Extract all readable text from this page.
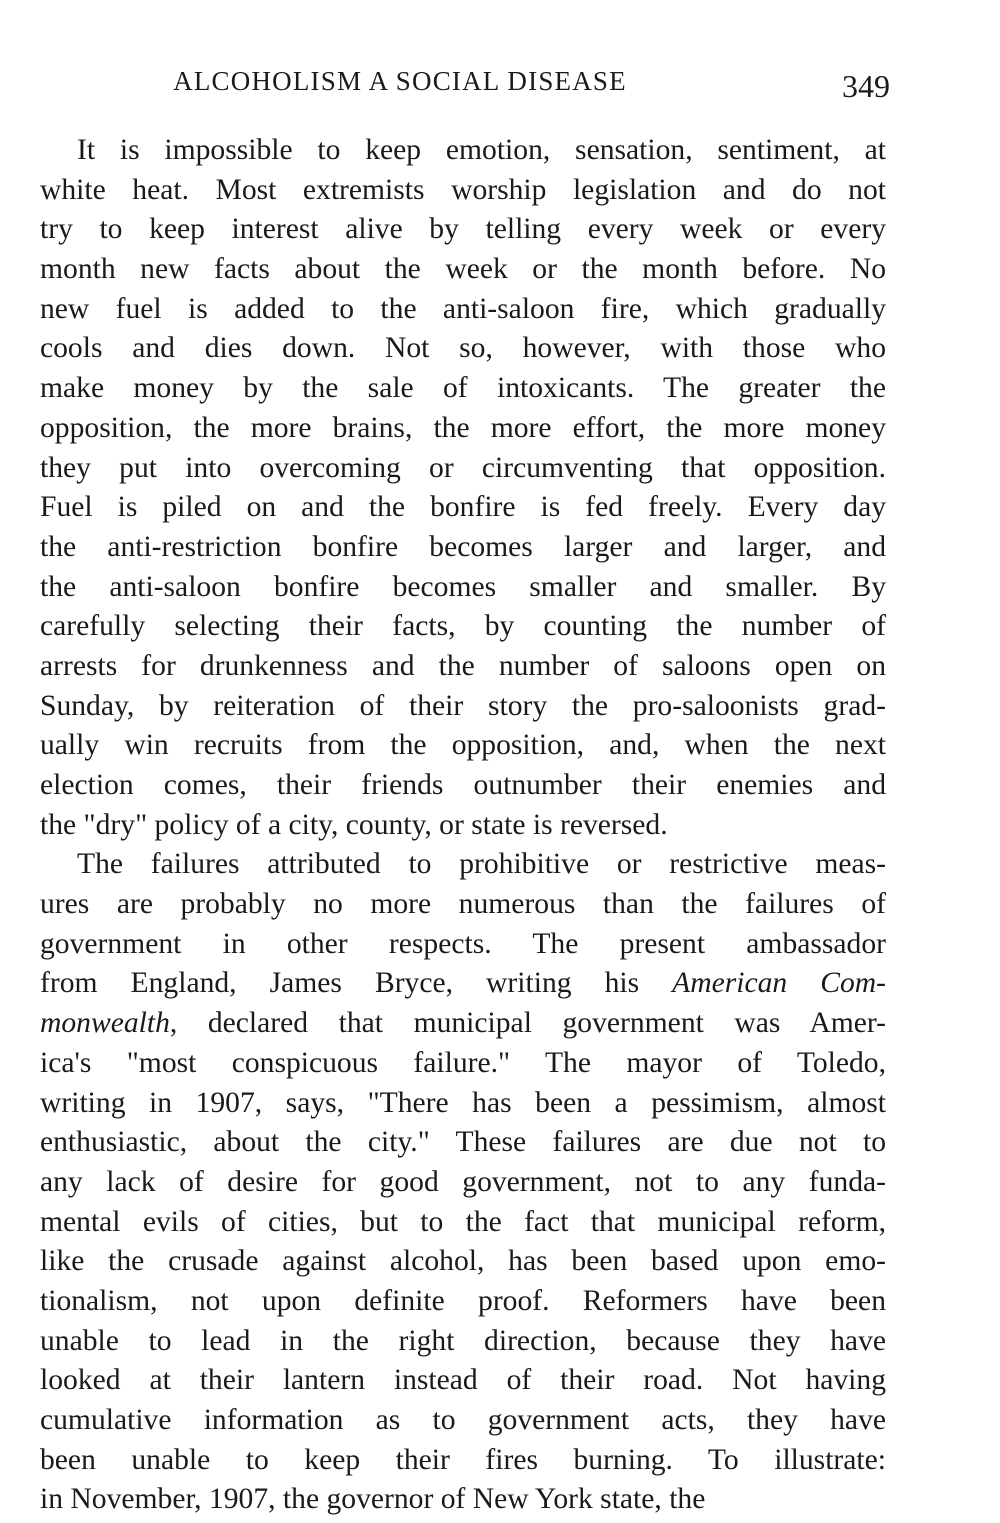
ALCOHOLISM A SOCIAL DISEASE	349
It is impossible to keep emotion, sensation, sentiment, at
white heat. Most extremists worship legislation and do not
try to keep interest alive by telling every week or every
month new facts about the week or the month before. No
new fuel is added to the anti-saloon fire, which gradually
cools and dies down. Not so, however, with those who
make money by the sale of intoxicants. The greater the
opposition, the more brains, the more effort, the more money
they put into overcoming or circumventing that opposition.
Fuel is piled on and the bonfire is fed freely. Every day
the anti-restriction bonfire becomes larger and larger, and
the anti-saloon bonfire becomes smaller and smaller. By
carefully selecting their facts, by counting the number of
arrests for drunkenness and the number of saloons open on
Sunday, by reiteration of their story the pro-saloonists grad-
ually win recruits from the opposition, and, when the next
election comes, their friends outnumber their enemies and
the "dry" policy of a city, county, or state is reversed.
The failures attributed to prohibitive or restrictive meas-
ures are probably no more numerous than the failures of
government in other respects. The present ambassador
from England, James Bryce, writing his American Com-
monwealth, declared that municipal government was Amer-
ica's "most conspicuous failure." The mayor of Toledo,
writing in 1907, says, "There has been a pessimism, almost
enthusiastic, about the city." These failures are due not to
any lack of desire for good government, not to any funda-
mental evils of cities, but to the fact that municipal reform,
like the crusade against alcohol, has been based upon emo-
tionalism, not upon definite proof. Reformers have been
unable to lead in the right direction, because they have
looked at their lantern instead of their road. Not having
cumulative information as to government acts, they have
been unable to keep their fires burning. To illustrate:
in November, 1907, the governor of New York state, the
